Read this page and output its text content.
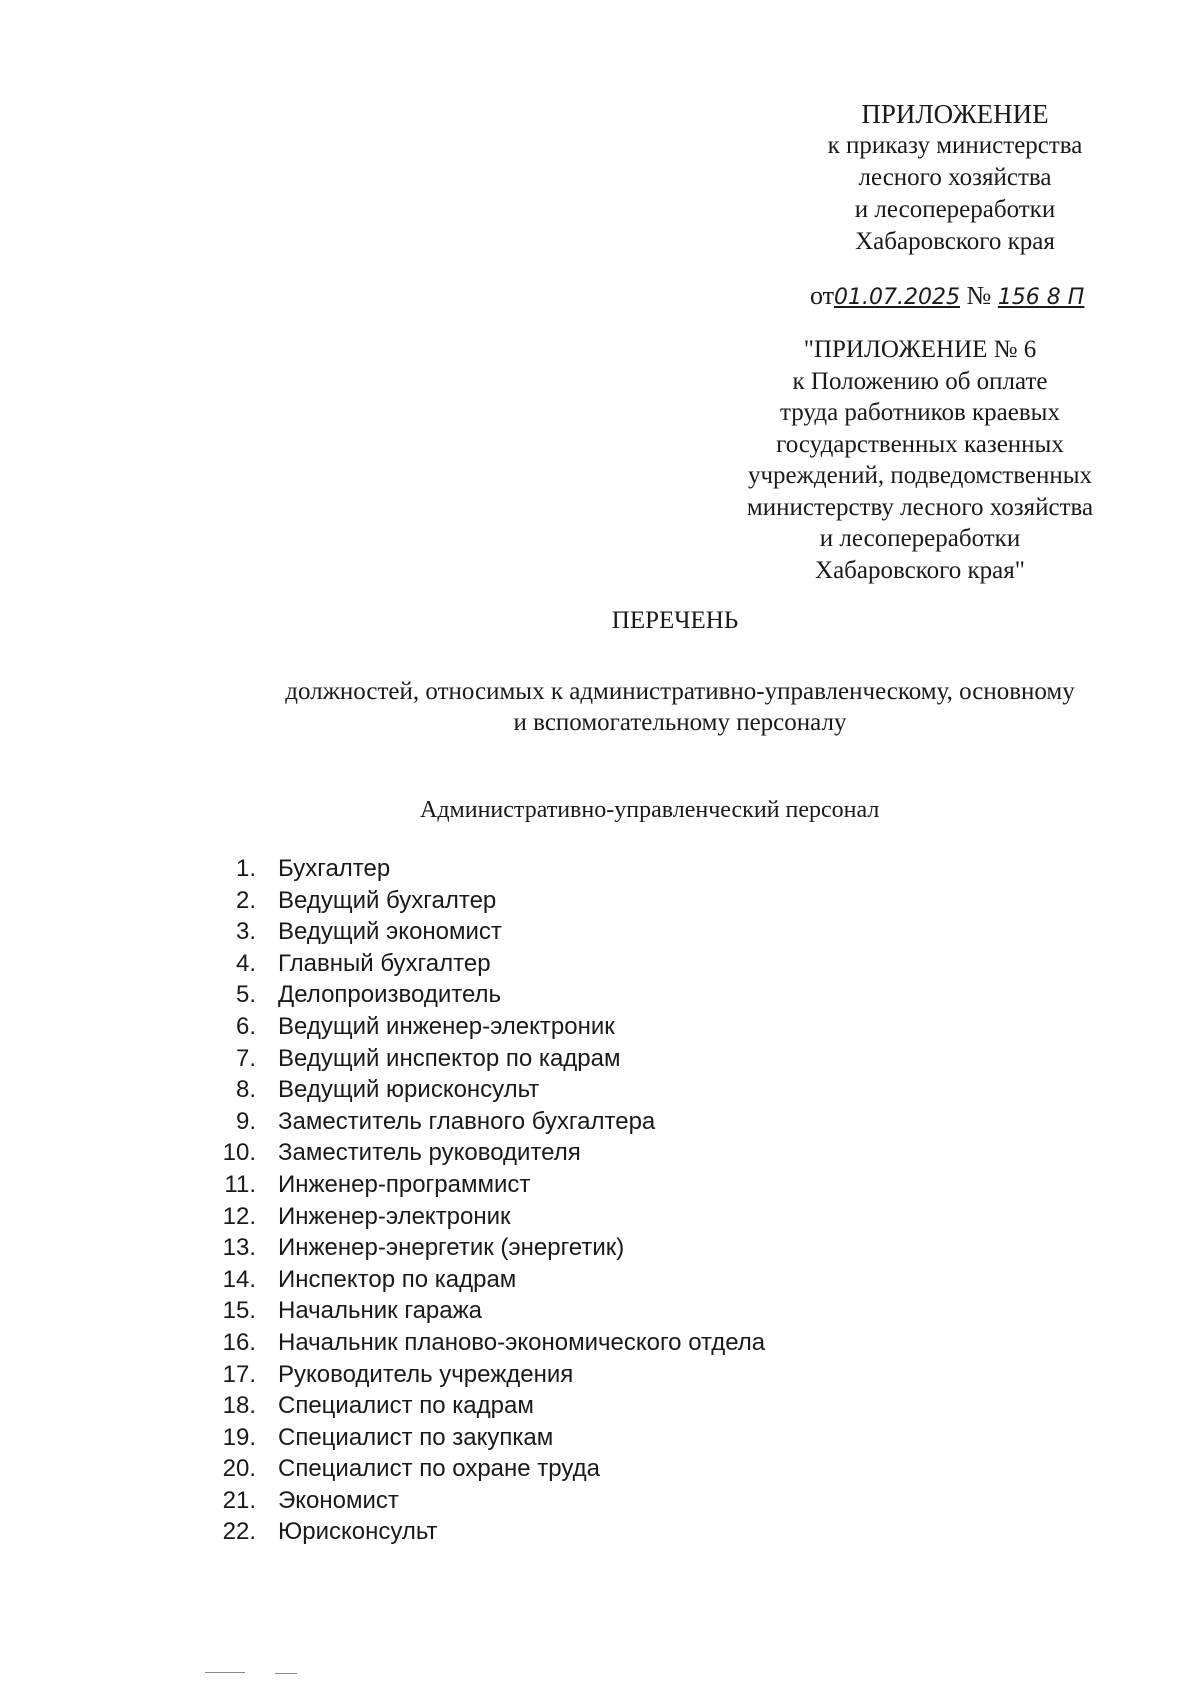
ПРИЛОЖЕНИЕ
к приказу министерства
лесного хозяйства
и лесопереработки
Хабаровского края
от01.07.2025 № 156 8 П
"ПРИЛОЖЕНИЕ № 6
к Положению об оплате
труда работников краевых
государственных казенных
учреждений, подведомственных
министерству лесного хозяйства
и лесопереработки
Хабаровского края"
ПЕРЕЧЕНЬ
должностей, относимых к административно-управленческому, основному
и вспомогательному персоналу
Административно-управленческий персонал
1. Бухгалтер
2. Ведущий бухгалтер
3. Ведущий экономист
4. Главный бухгалтер
5. Делопроизводитель
6. Ведущий инженер-электроник
7. Ведущий инспектор по кадрам
8. Ведущий юрисконсульт
9. Заместитель главного бухгалтера
10. Заместитель руководителя
11. Инженер-программист
12. Инженер-электроник
13. Инженер-энергетик (энергетик)
14. Инспектор по кадрам
15. Начальник гаража
16. Начальник планово-экономического отдела
17. Руководитель учреждения
18. Специалист по кадрам
19. Специалист по закупкам
20. Специалист по охране труда
21. Экономист
22. Юрисконсульт
